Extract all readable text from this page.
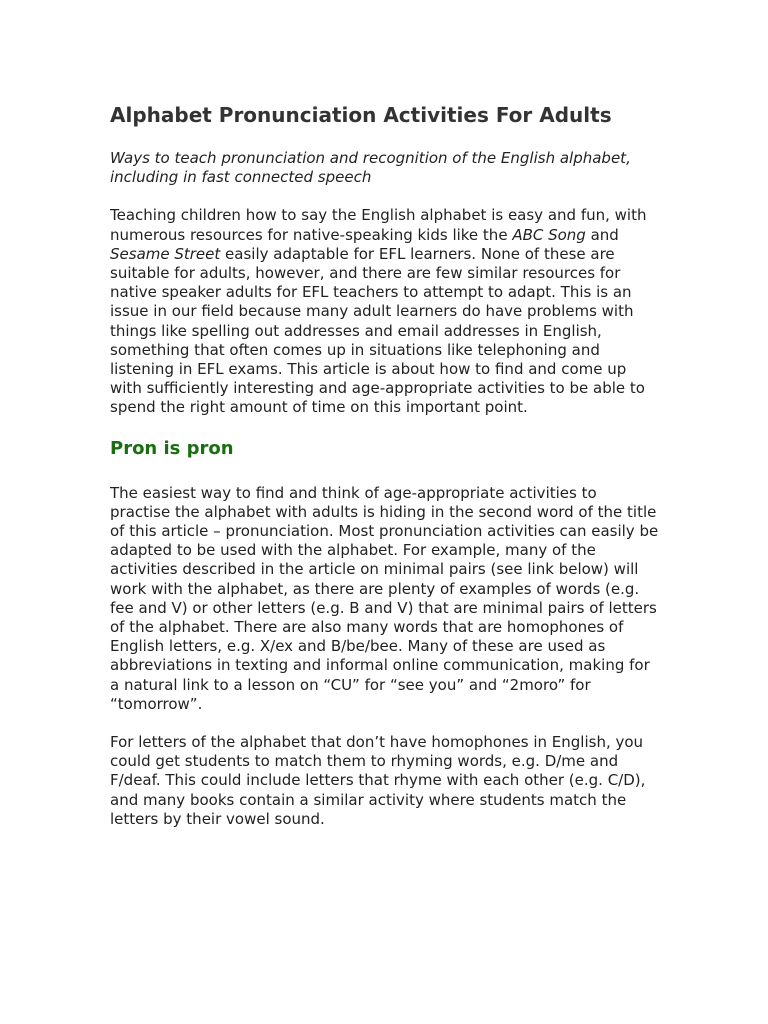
Alphabet Pronunciation Activities For Adults

Ways to teach pronunciation and recognition of the English alphabet, including in fast connected speech

Teaching children how to say the English alphabet is easy and fun, with numerous resources for native-speaking kids like the ABC Song and Sesame Street easily adaptable for EFL learners. None of these are suitable for adults, however, and there are few similar resources for native speaker adults for EFL teachers to attempt to adapt. This is an issue in our field because many adult learners do have problems with things like spelling out addresses and email addresses in English, something that often comes up in situations like telephoning and listening in EFL exams. This article is about how to find and come up with sufficiently interesting and age-appropriate activities to be able to spend the right amount of time on this important point.

Pron is pron

The easiest way to find and think of age-appropriate activities to practise the alphabet with adults is hiding in the second word of the title of this article – pronunciation. Most pronunciation activities can easily be adapted to be used with the alphabet. For example, many of the activities described in the article on minimal pairs (see link below) will work with the alphabet, as there are plenty of examples of words (e.g. fee and V) or other letters (e.g. B and V) that are minimal pairs of letters of the alphabet. There are also many words that are homophones of English letters, e.g. X/ex and B/be/bee. Many of these are used as abbreviations in texting and informal online communication, making for a natural link to a lesson on “CU” for “see you” and “2moro” for “tomorrow”.

For letters of the alphabet that don’t have homophones in English, you could get students to match them to rhyming words, e.g. D/me and F/deaf. This could include letters that rhyme with each other (e.g. C/D), and many books contain a similar activity where students match the letters by their vowel sound.
